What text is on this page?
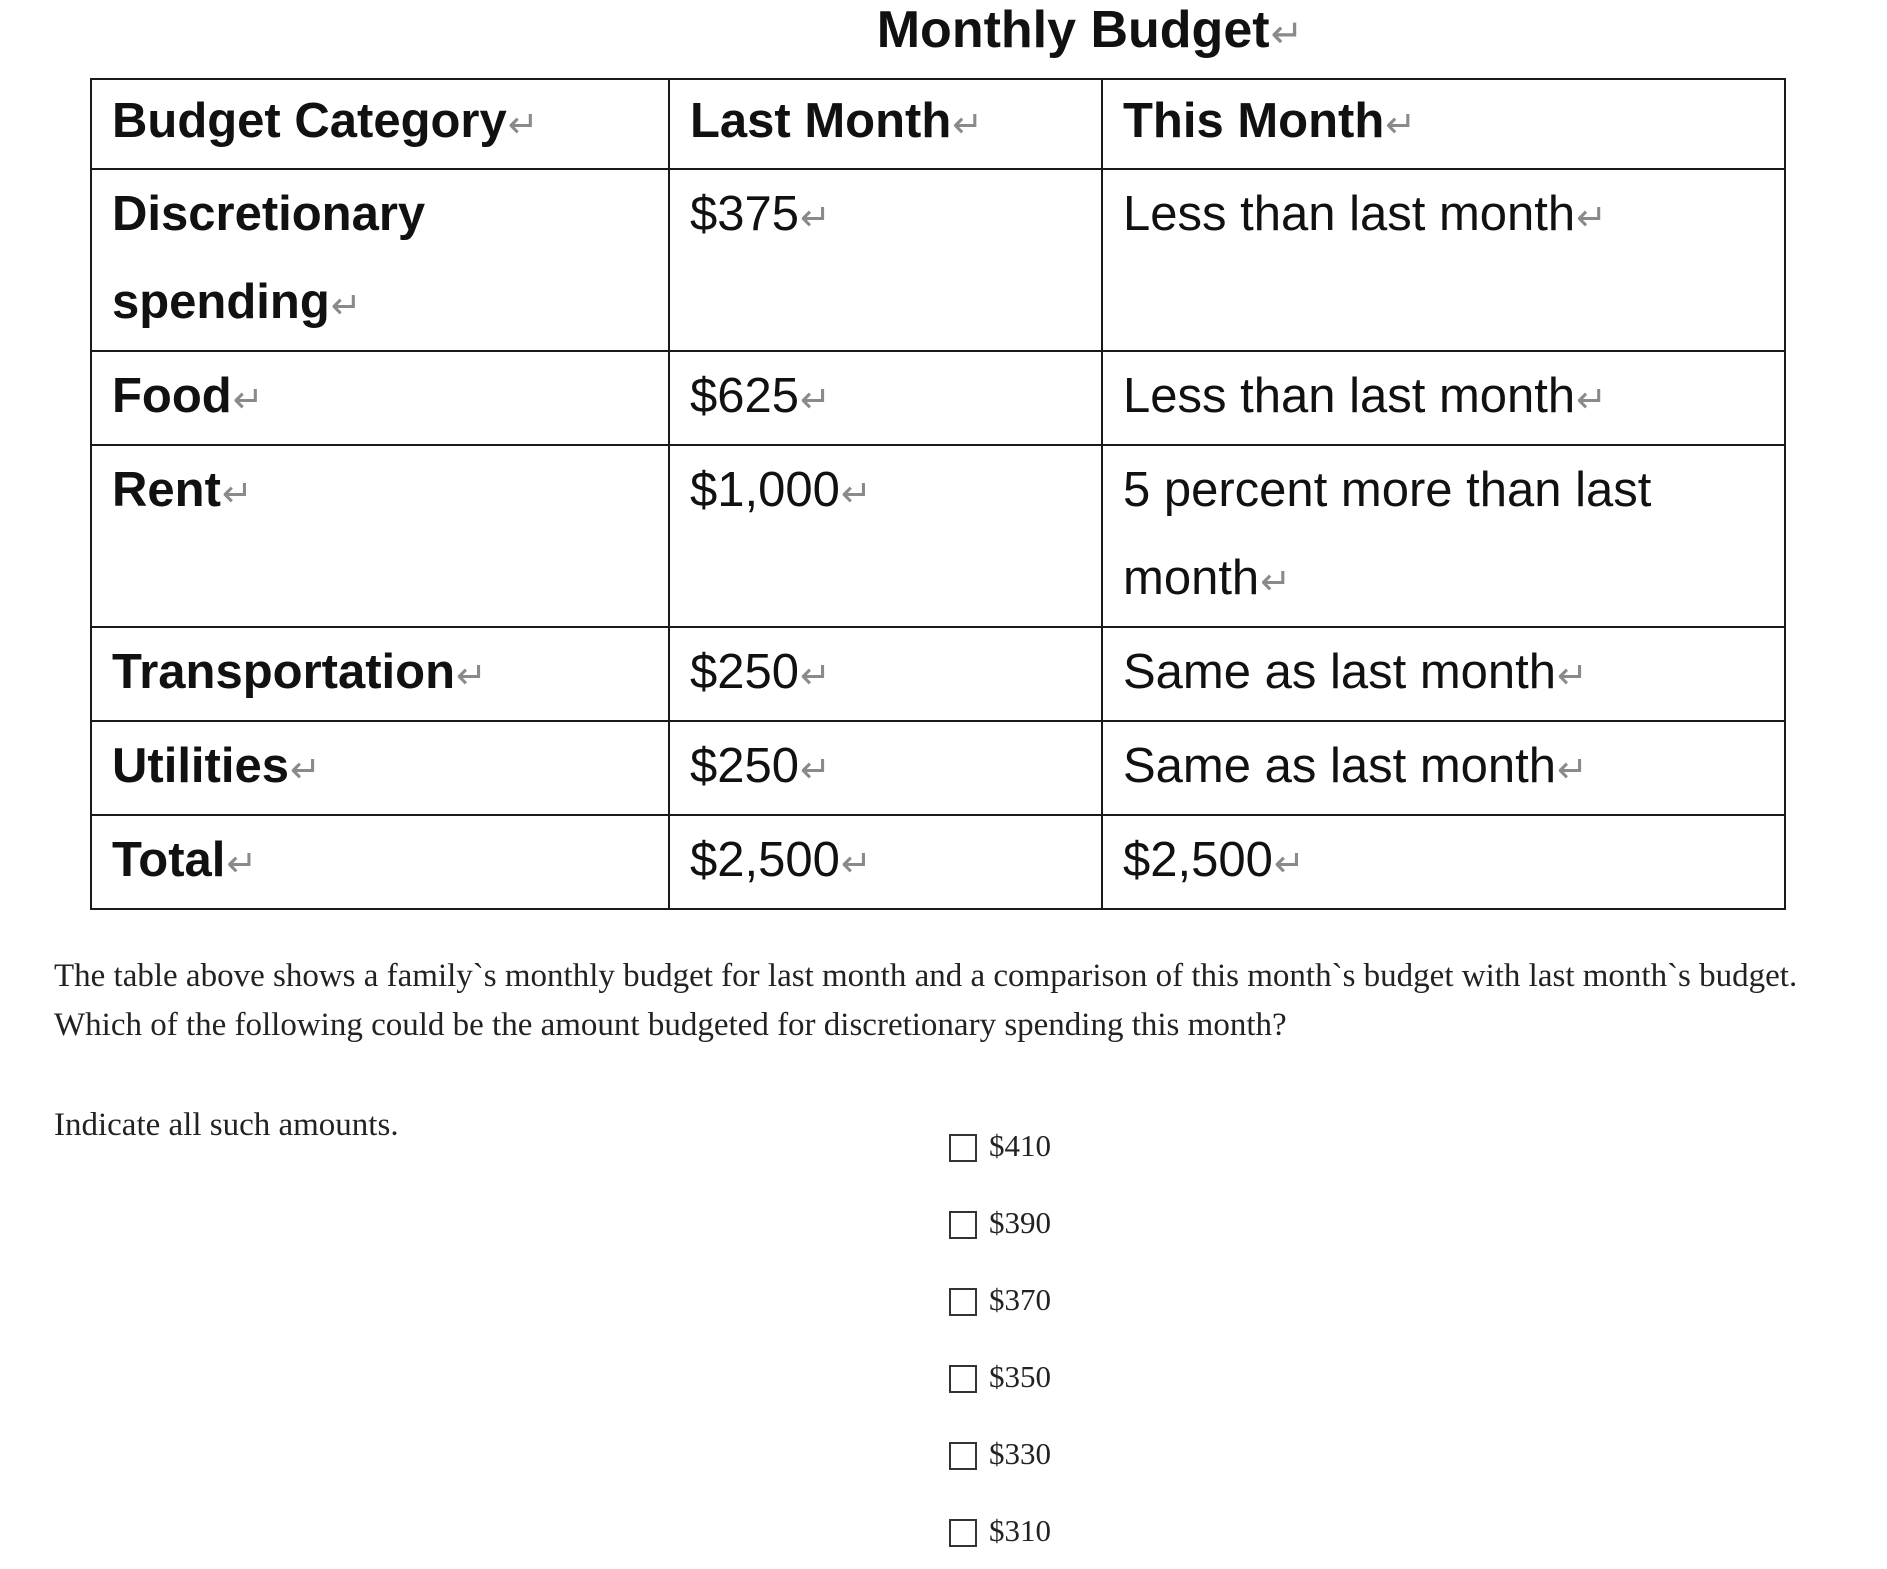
Monthly Budget↵
Budget Category↵	Last Month↵	This Month↵

Discretionary
spending↵	$375↵	Less than last month↵
Food↵	$625↵	Less than last month↵
Rent↵	$1,000↵	5 percent more than last
month↵

Transportation↵	$250↵	Same as last month↵
Utilities↵	$250↵	Same as last month↵
Total↵	$2,500↵	$2,500↵
The table above shows a family`s monthly budget for last month and a comparison of this month`s budget with last month`s budget.
Which of the following could be the amount budgeted for discretionary spending this month?
Indicate all such amounts.
$410
$390
$370
$350
$330
$310
